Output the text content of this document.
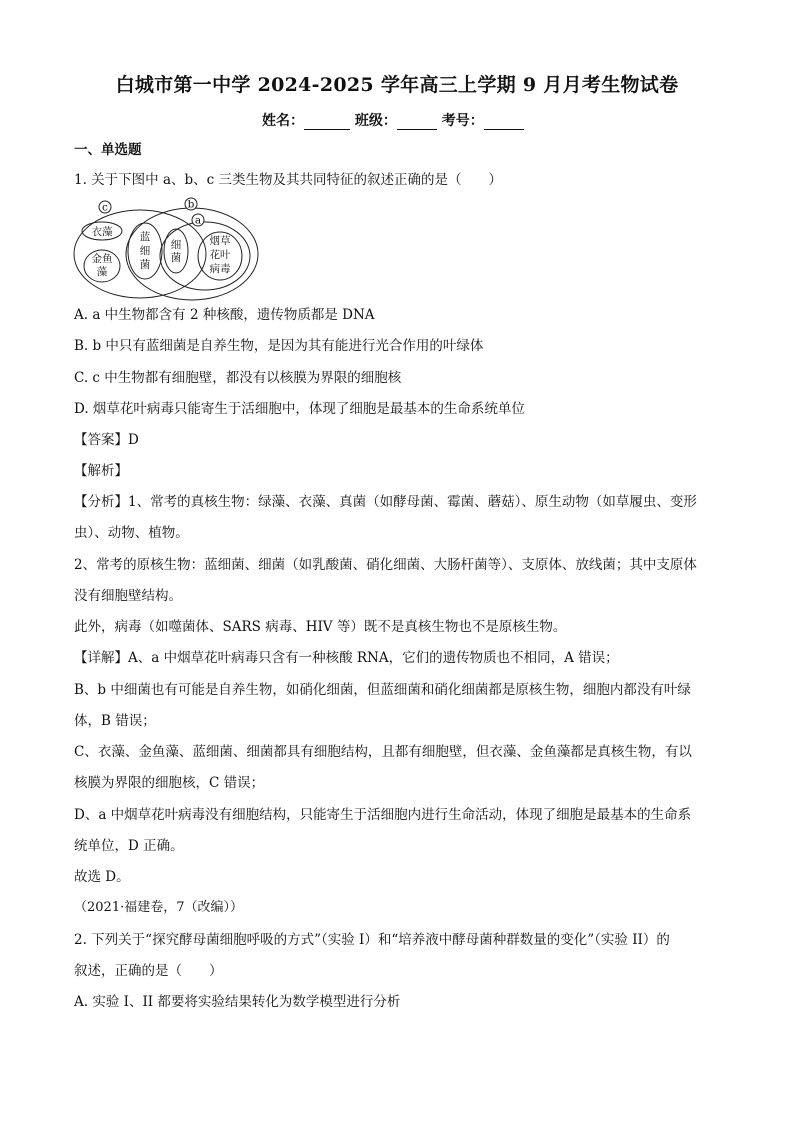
白城市第一中学 2024-2025 学年高三上学期 9 月月考生物试卷
姓名：	班级：	考号：
一、单选题
1. 关于下图中 a、b、c 三类生物及其共同特征的叙述正确的是（　　）
c	b
a
衣藻
金鱼
藻
蓝
细
菌
细
菌
烟草
花叶
病毒
A. a 中生物都含有 2 种核酸，遗传物质都是 DNA
B. b 中只有蓝细菌是自养生物，是因为其有能进行光合作用的叶绿体
C. c 中生物都有细胞壁，都没有以核膜为界限的细胞核
D. 烟草花叶病毒只能寄生于活细胞中，体现了细胞是最基本的生命系统单位
【答案】D
【解析】
【分析】1、常考的真核生物：绿藻、衣藻、真菌（如酵母菌、霉菌、蘑菇）、原生动物（如草履虫、变形
虫）、动物、植物。
2、常考的原核生物：蓝细菌、细菌（如乳酸菌、硝化细菌、大肠杆菌等）、支原体、放线菌；其中支原体
没有细胞壁结构。
此外，病毒（如噬菌体、SARS 病毒、HIV 等）既不是真核生物也不是原核生物。
【详解】A、a 中烟草花叶病毒只含有一种核酸 RNA，它们的遗传物质也不相同，A 错误；
B、b 中细菌也有可能是自养生物，如硝化细菌，但蓝细菌和硝化细菌都是原核生物，细胞内都没有叶绿
体，B 错误；
C、衣藻、金鱼藻、蓝细菌、细菌都具有细胞结构，且都有细胞壁，但衣藻、金鱼藻都是真核生物，有以
核膜为界限的细胞核，C 错误；
D、a 中烟草花叶病毒没有细胞结构，只能寄生于活细胞内进行生命活动，体现了细胞是最基本的生命系
统单位，D 正确。
故选 D。
（2021·福建卷，7（改编））
2. 下列关于“探究酵母菌细胞呼吸的方式”（实验 I）和“培养液中酵母菌种群数量的变化”（实验 II）的
叙述，正确的是（　　）
A. 实验 I、II 都要将实验结果转化为数学模型进行分析
